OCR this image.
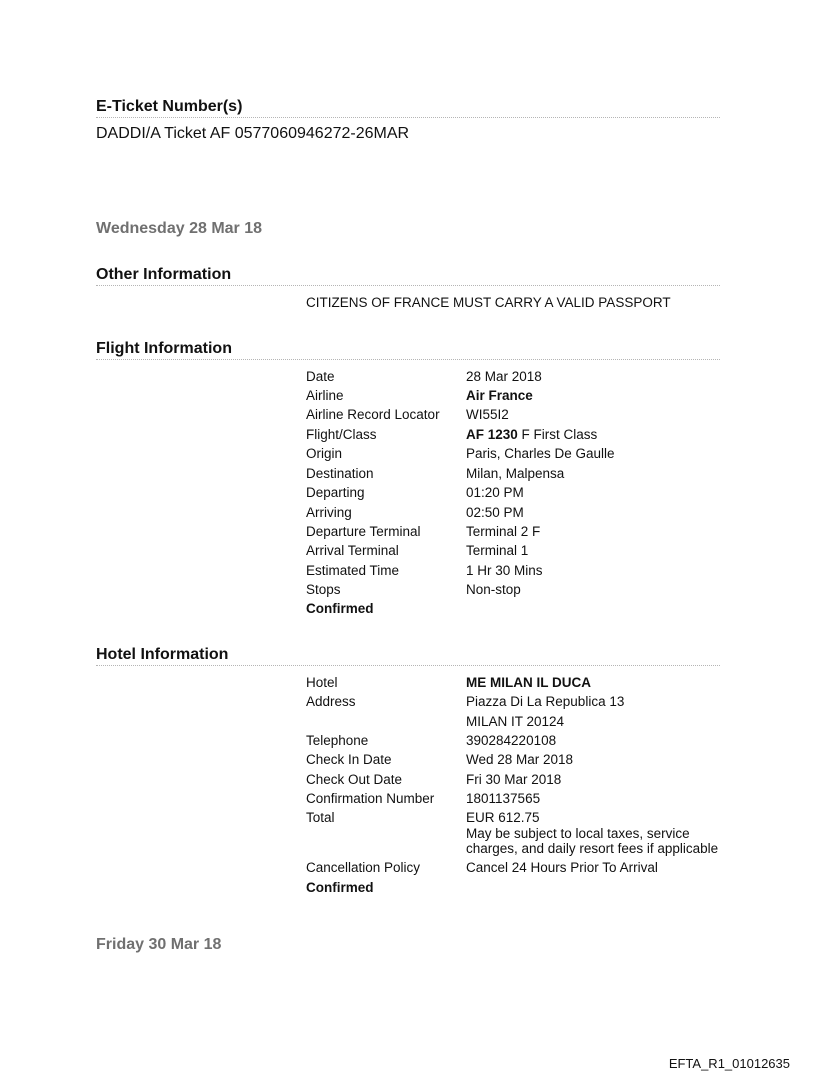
E-Ticket Number(s)
DADDI/A Ticket AF 0577060946272-26MAR
Wednesday 28 Mar 18
Other Information
CITIZENS OF FRANCE MUST CARRY A VALID PASSPORT
Flight Information
Date	28 Mar 2018
Airline	Air France
Airline Record Locator WI55I2
Flight/Class	AF 1230 F First Class
Origin	Paris, Charles De Gaulle
Destination	Milan, Malpensa
Departing	01:20 PM
Arriving	02:50 PM
Departure Terminal	Terminal 2 F
Arrival Terminal	Terminal 1
Estimated Time	1 Hr 30 Mins
Stops	Non-stop
Confirmed
Hotel Information
Hotel	ME MILAN IL DUCA
Address	Piazza Di La Republica 13
MILAN IT 20124
Telephone	390284220108
Check In Date	Wed 28 Mar 2018
Check Out Date	Fri 30 Mar 2018
Confirmation Number 1801137565
Total	EUR 612.75
May be subject to local taxes, service
charges, and daily resort fees if applicable
Cancellation Policy	Cancel 24 Hours Prior To Arrival
Confirmed
Friday 30 Mar 18
EFTA_R1_01012635
